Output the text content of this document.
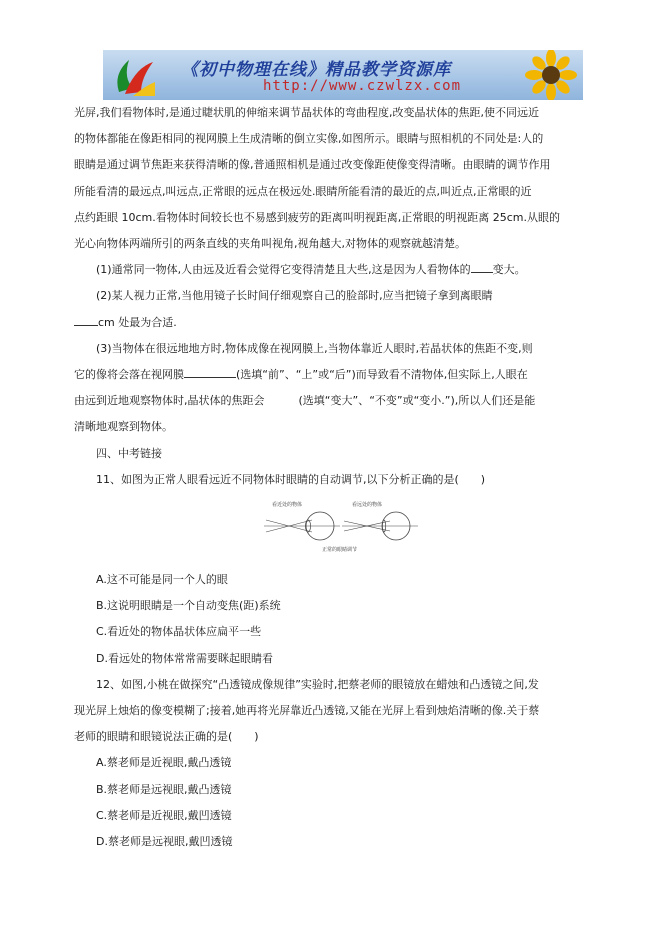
《初中物理在线》精品教学资源库
http://www.czwlzx.com

光屏,我们看物体时,是通过睫状肌的伸缩来调节晶状体的弯曲程度,改变晶状体的焦距,使不同远近

的物体都能在像距相同的视网膜上生成清晰的倒立实像,如图所示。眼睛与照相机的不同处是:人的

眼睛是通过调节焦距来获得清晰的像,普通照相机是通过改变像距使像变得清晰。由眼睛的调节作用

所能看清的最远点,叫远点,正常眼的远点在极远处.眼睛所能看清的最近的点,叫近点,正常眼的近

点约距眼 10cm.看物体时间较长也不易感到疲劳的距离叫明视距离,正常眼的明视距离 25cm.从眼的

光心向物体两端所引的两条直线的夹角叫视角,视角越大,对物体的观察就越清楚。

(1)通常同一物体,人由远及近看会觉得它变得清楚且大些,这是因为人看物体的 变大。

(2)某人视力正常,当他用镜子长时间仔细观察自己的脸部时,应当把镜子拿到离眼睛

cm 处最为合适.

(3)当物体在很远地地方时,物体成像在视网膜上,当物体靠近人眼时,若晶状体的焦距不变,则

它的像将会落在视网膜	(选填“前”、“上”或“后”)而导致看不清物体,但实际上,人眼在

由远到近地观察物体时,晶状体的焦距会	(选填“变大”、“不变”或“变小.”),所以人们还是能

清晰地观察到物体。

四、中考链接

11、如图为正常人眼看远近不同物体时眼睛的自动调节,以下分析正确的是(　　)

看近处的物体	看远处的物体
正常的眼睛调节

A.这不可能是同一个人的眼

B.这说明眼睛是一个自动变焦(距)系统

C.看近处的物体晶状体应扁平一些

D.看远处的物体常常需要眯起眼睛看

12、如图,小桃在做探究“凸透镜成像规律”实验时,把蔡老师的眼镜放在蜡烛和凸透镜之间,发

现光屏上烛焰的像变模糊了;接着,她再将光屏靠近凸透镜,又能在光屏上看到烛焰清晰的像.关于蔡

老师的眼睛和眼镜说法正确的是(　　)

A.蔡老师是近视眼,戴凸透镜

B.蔡老师是远视眼,戴凸透镜

C.蔡老师是近视眼,戴凹透镜

D.蔡老师是远视眼,戴凹透镜
